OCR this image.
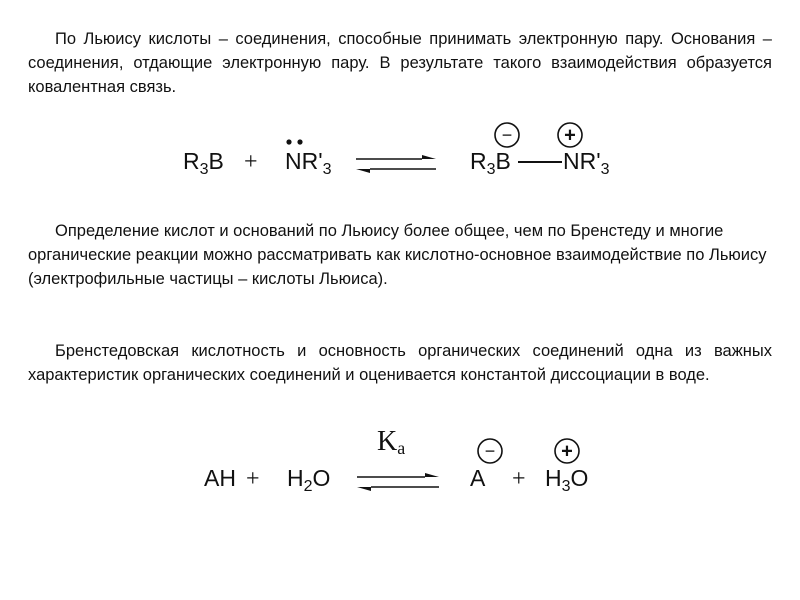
По Льюису кислоты – соединения, способные принимать электронную пару. Основания – соединения, отдающие электронную пару. В результате такого взаимодействия образуется ковалентная связь.

$R_3B + NR'_3$	$R_3B$ $NR'_3$
−	+

Определение кислот и оснований по Льюису более общее, чем по Бренстеду и многие органические реакции можно рассматривать как кислотно-основное взаимодействие по Льюису (электрофильные частицы – кислоты Льюиса).

Бренстедовская кислотность и основность органических соединений одна из важных характеристик органических соединений и оценивается константой диссоциации в воде.

AH + $H_2O$
$K_a$
A
−
+ $H_3O$
+
